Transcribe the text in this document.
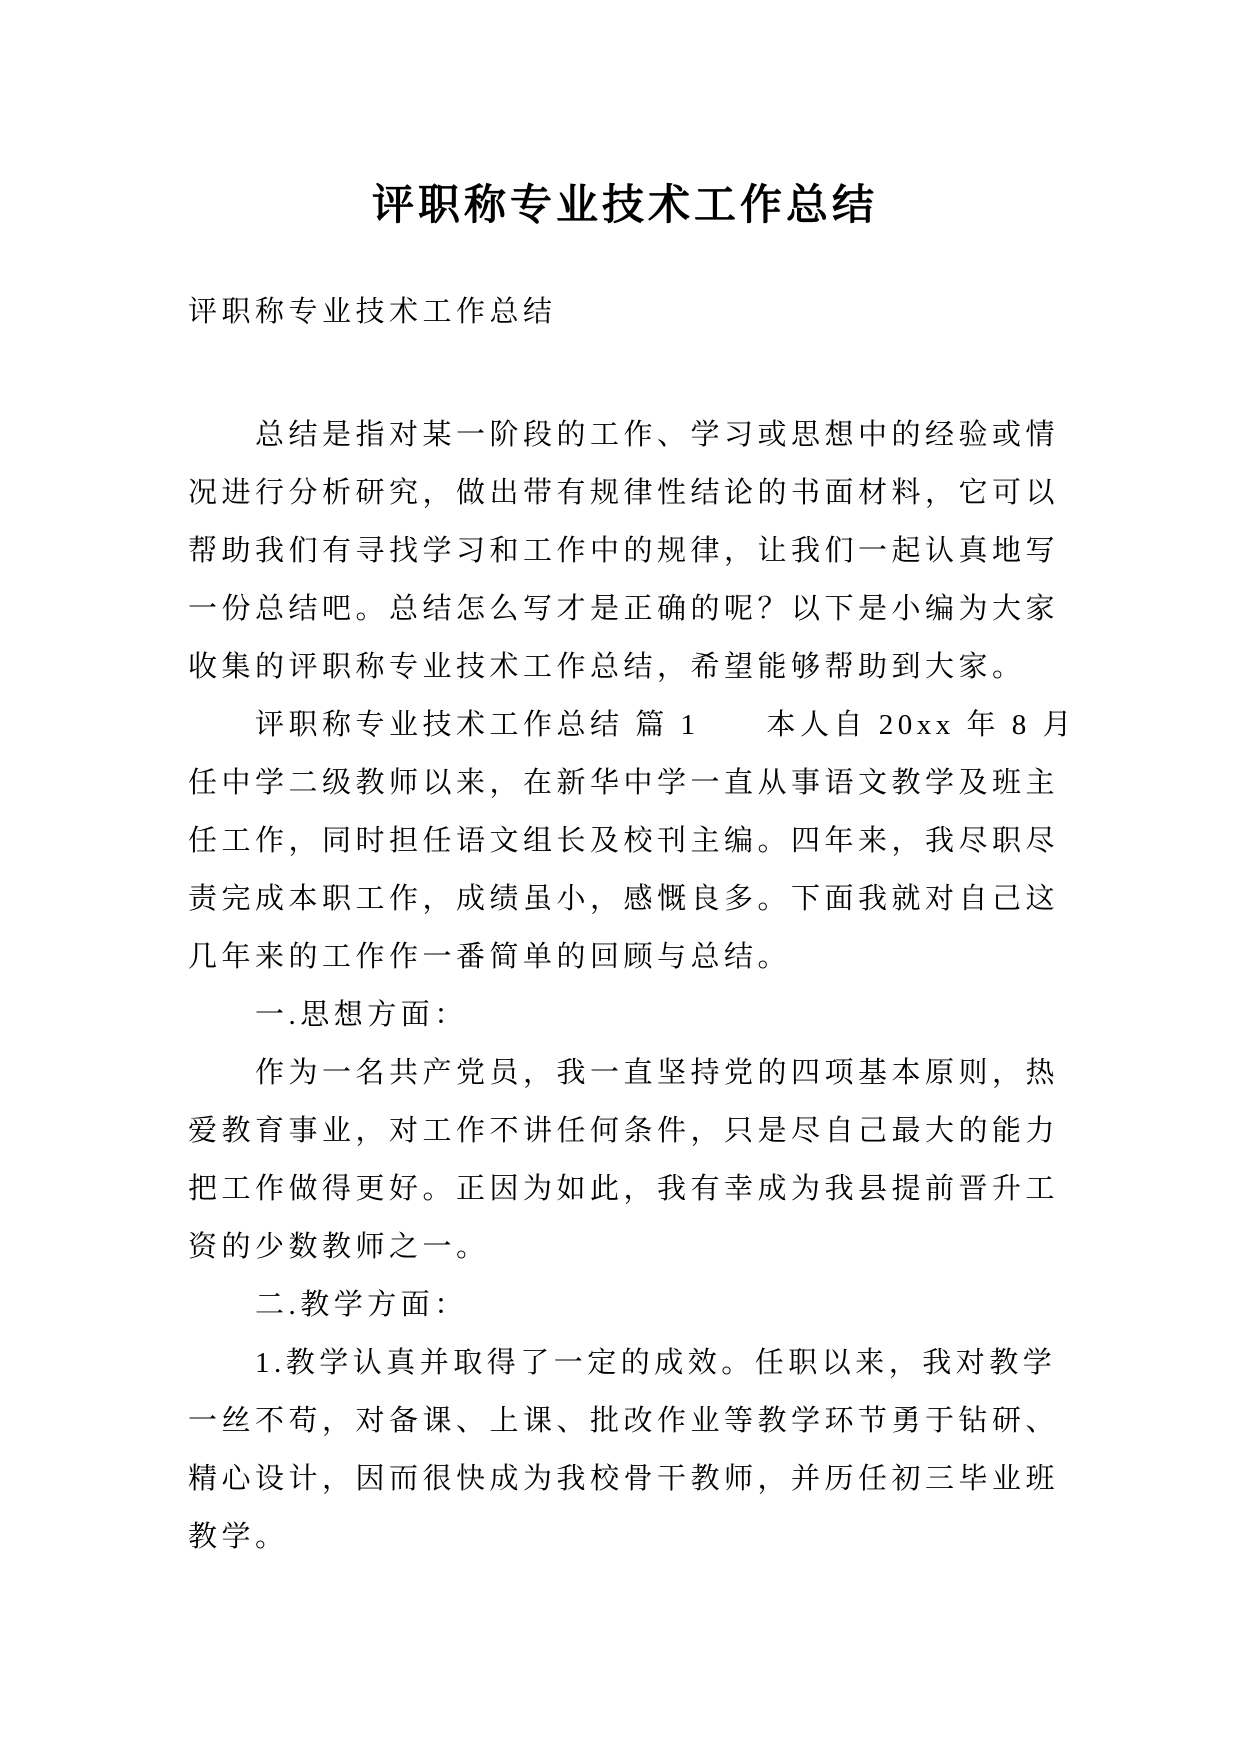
评职称专业技术工作总结
评职称专业技术工作总结
总结是指对某一阶段的工作、学习或思想中的经验或情
况进行分析研究，做出带有规律性结论的书面材料，它可以
帮助我们有寻找学习和工作中的规律，让我们一起认真地写
一份总结吧。总结怎么写才是正确的呢？以下是小编为大家
收集的评职称专业技术工作总结，希望能够帮助到大家。
评职称专业技术工作总结 篇 1　　本人自 20xx 年 8 月
任中学二级教师以来，在新华中学一直从事语文教学及班主
任工作，同时担任语文组长及校刊主编。四年来，我尽职尽
责完成本职工作，成绩虽小，感慨良多。下面我就对自己这
几年来的工作作一番简单的回顾与总结。
一.思想方面：
作为一名共产党员，我一直坚持党的四项基本原则，热
爱教育事业，对工作不讲任何条件，只是尽自己最大的能力
把工作做得更好。正因为如此，我有幸成为我县提前晋升工
资的少数教师之一。
二.教学方面：
1.教学认真并取得了一定的成效。任职以来，我对教学
一丝不苟，对备课、上课、批改作业等教学环节勇于钻研、
精心设计，因而很快成为我校骨干教师，并历任初三毕业班
教学。
